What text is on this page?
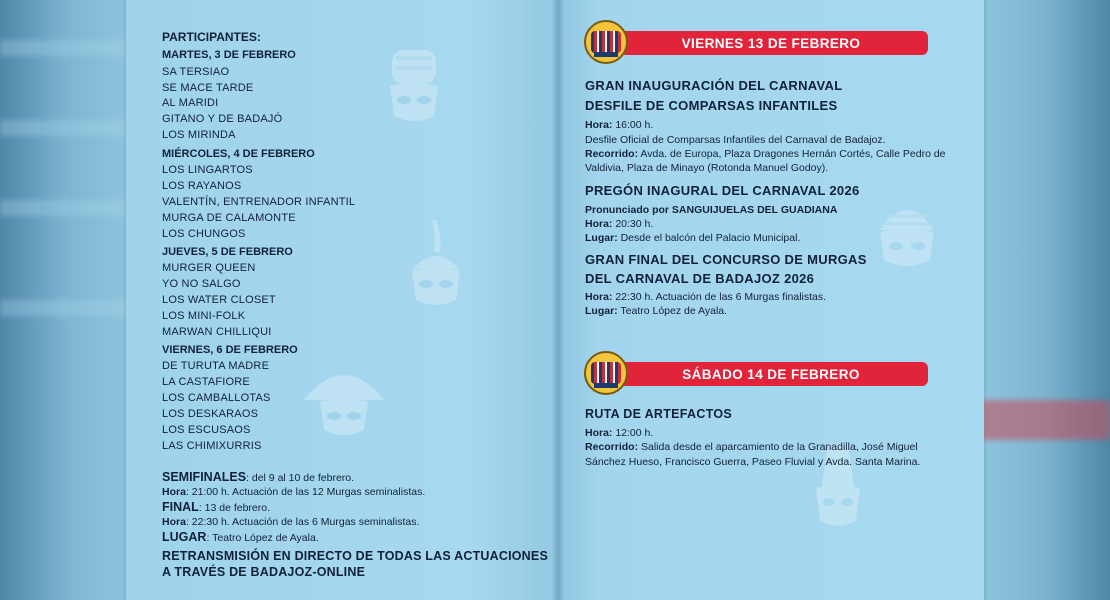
PARTICIPANTES:
MARTES, 3 DE FEBRERO
SA TERSIAO
SE MACE TARDE
AL MARIDI
GITANO Y DE BADAJÓ
LOS MIRINDA
MIÉRCOLES, 4 DE FEBRERO
LOS LINGARTOS
LOS RAYANOS
VALENTÍN, ENTRENADOR INFANTIL
MURGA DE CALAMONTE
LOS CHUNGOS
JUEVES, 5 DE FEBRERO
MURGER QUEEN
YO NO SALGO
LOS WATER CLOSET
LOS MINI-FOLK
MARWAN CHILLIQUI
VIERNES, 6 DE FEBRERO
DE TURUTA MADRE
LA CASTAFIORE
LOS CAMBALLOTAS
LOS DESKARAOS
LOS ESCUSAOS
LAS CHIMIXURRIS
SEMIFINALES: del 9 al 10 de febrero.
Hora: 21:00 h. Actuación de las 12 Murgas seminalistas.
FINAL: 13 de febrero.
Hora: 22:30 h. Actuación de las 6 Murgas seminalistas.
LUGAR: Teatro López de Ayala.
RETRANSMISIÓN EN DIRECTO DE TODAS LAS ACTUACIONES
A TRAVÉS DE BADAJOZ-ONLINE
VIERNES 13 DE FEBRERO
GRAN INAUGURACIÓN DEL CARNAVAL
DESFILE DE COMPARSAS INFANTILES
Hora: 16:00 h.
Desfile Oficial de Comparsas Infantiles del Carnaval de Badajoz.
Recorrido: Avda. de Europa, Plaza Dragones Hernán Cortés, Calle Pedro de
Valdivia, Plaza de Minayo (Rotonda Manuel Godoy).
PREGÓN INAGURAL DEL CARNAVAL 2026
Pronunciado por SANGUIJUELAS DEL GUADIANA
Hora: 20:30 h.
Lugar: Desde el balcón del Palacio Municipal.
GRAN FINAL DEL CONCURSO DE MURGAS
DEL CARNAVAL DE BADAJOZ 2026
Hora: 22:30 h. Actuación de las 6 Murgas finalistas.
Lugar: Teatro López de Ayala.
SÁBADO 14 DE FEBRERO
RUTA DE ARTEFACTOS
Hora: 12:00 h.
Recorrido: Salida desde el aparcamiento de la Granadilla, José Miguel
Sánchez Hueso, Francisco Guerra, Paseo Fluvial y Avda. Santa Marina.
